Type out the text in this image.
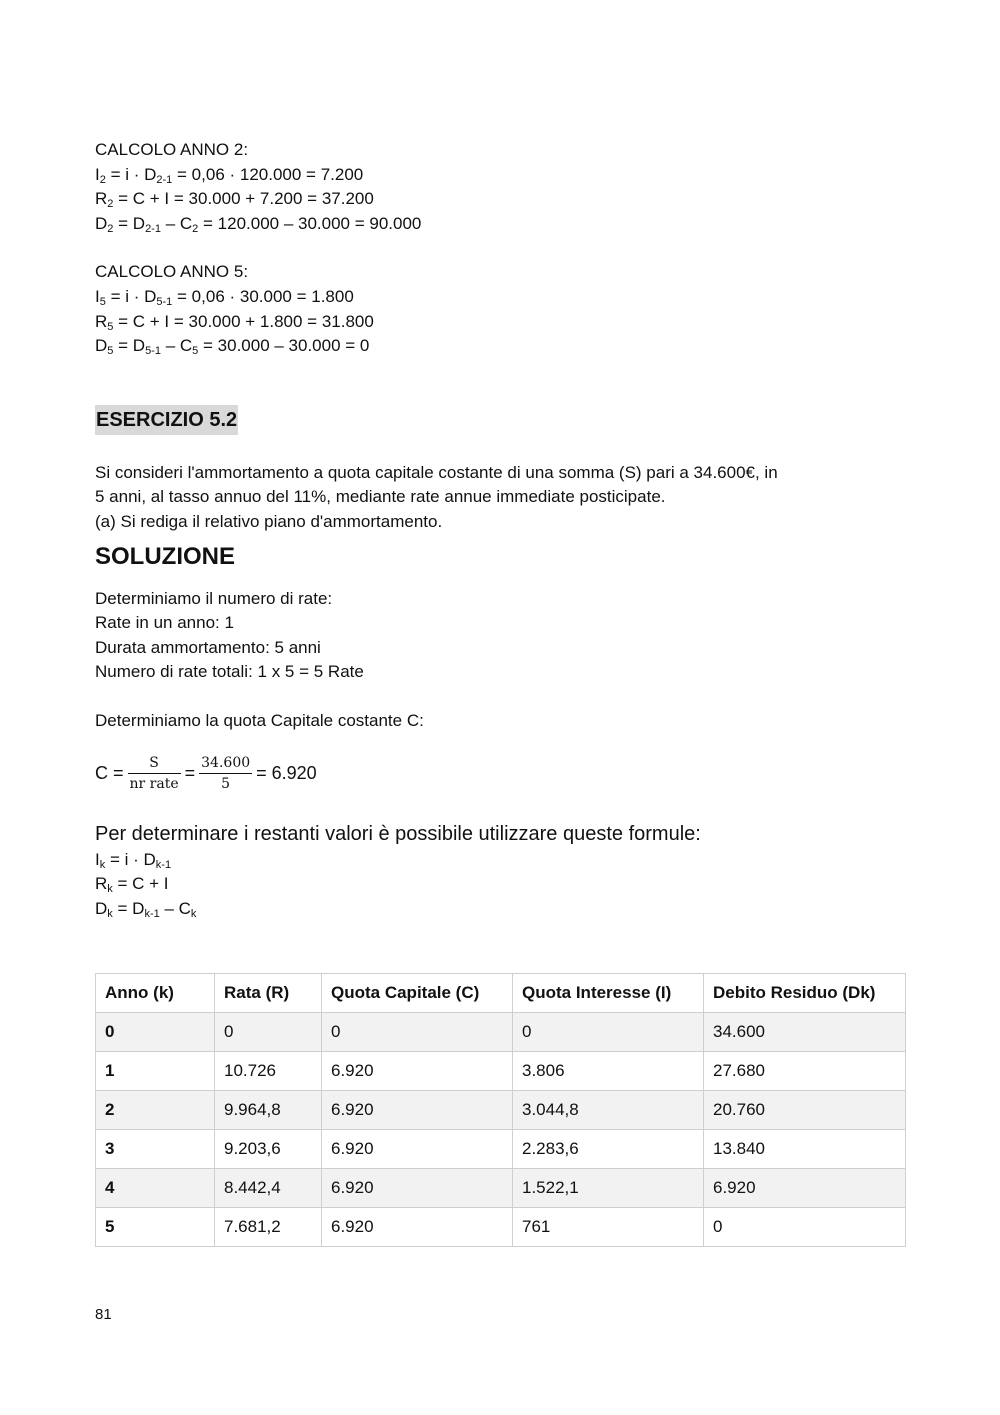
CALCOLO ANNO 2:
$I_2 = i \cdot D_{2-1} = 0,06 \cdot 120.000 = 7.200$
$R_2 = C + I = 30.000 + 7.200 = 37.200$
$D_2 = D_{2-1} - C_2 = 120.000 - 30.000 = 90.000$
CALCOLO ANNO 5:
$I_5 = i \cdot D_{5-1} = 0,06 \cdot 30.000 = 1.800$
$R_5 = C + I = 30.000 + 1.800 = 31.800$
$D_5 = D_{5-1} - C_5 = 30.000 - 30.000 = 0$
ESERCIZIO 5.2
Si consideri l'ammortamento a quota capitale costante di una somma (S) pari a 34.600€, in
5 anni, al tasso annuo del 11%, mediante rate annue immediate posticipate.
(a) Si rediga il relativo piano d'ammortamento.
SOLUZIONE
Determiniamo il numero di rate:
Rate in un anno: 1
Durata ammortamento: 5 anni
Numero di rate totali: 1 x 5 = 5 Rate
Determiniamo la quota Capitale costante C:
$C = \frac{S}{\text{nr rate}} = \frac{34.600}{5} = 6.920$
Per determinare i restanti valori è possibile utilizzare queste formule:
$I_k = i \cdot D_{k-1}$
$R_k = C + I$
$D_k = D_{k-1} - C_k$
Anno (k)	Rata (R)	Quota Capitale (C)	Quota Interesse (I)	Debito Residuo (Dk)
0	0	0	0	34.600
1	10.726	6.920	3.806	27.680
2	9.964,8	6.920	3.044,8	20.760
3	9.203,6	6.920	2.283,6	13.840
4	8.442,4	6.920	1.522,1	6.920
5	7.681,2	6.920	761	0
81
